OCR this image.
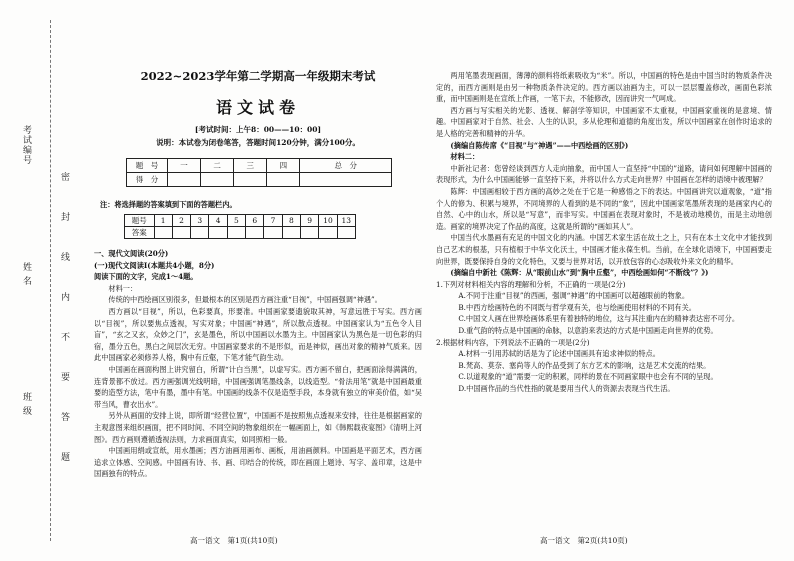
考试编号
姓 名
班 级
密
封
线
内
不
要
答
题
2022~2023学年第二学期高一年级期末考试
语文试卷
[考试时间：上午8：00——10：00]
说明：本试卷为闭卷笔答，答题时间120分钟，满分100分。
题　号	一	二	三	四	总　分
得　分					
注：将选择题的答案填到下面的答题栏内。
题号	1	2	3	4	5	6	7	8	9	10	13
答案											

一、现代文阅读(20分)

(一)现代文阅读Ⅰ(本题共4小题，8分)

阅读下面的文字，完成1～4题。

材料一：

传统的中西绘画区别很多，但最根本的区别是西方画注重“目视”，中国画强调“神遇”。

西方画以“目视”，所以，色彩要真，形要准。中国画家要遗貌取其神，写意远胜于写实。西方画以“目视”，所以要焦点透视，写实对象；中国画“神遇”，所以散点透视。中国画家认为“五色令人目盲”，“玄之又玄，众妙之门”，玄是墨色，所以中国画以水墨为主。中国画家认为黑色是一切色彩的归宿，墨分五色，黑白之间层次无穷。中国画家要求的不是形似，而是神似，画出对象的精神气质来。因此中国画家必须修养人格，胸中有丘壑，下笔才能气韵生动。

中国画在画面构图上讲究留白，所谓“计白当黑”，以虚写实。西方画不留白，把画面涂得满满的，连背景都不放过。西方画强调光线明暗，中国画强调笔墨线条，以线造型。“骨法用笔”就是中国画最重要的造型方法，笔中有墨，墨中有笔。中国画的线条不仅是造型手段，本身就有独立的审美价值，如“吴带当风，曹衣出水”。

另外从画面的安排上说，即所谓“经营位置”，中国画不是按照焦点透视来安排，往往是根据画家的主观意图来组织画面，把不同时间、不同空间的物象组织在一幅画面上，如《韩熙载夜宴图》《清明上河图》。西方画则遵循透视法则，力求画面真实，如同照相一般。

中国画用绢或宣纸，用水墨画；西方油画用画布、画板，用油画颜料。中国画是平面艺术，西方画追求立体感、空间感。中国画有诗、书、画、印结合的传统，即在画面上题诗、写字、盖印章，这是中国画独有的特点。

两用笔墨表现画面，薄薄的颜料将纸素吸收为“米”。所以，中国画的特色是由中国当时的物质条件决定的，而西方画则是由另一种物质条件决定的。西方画以油画为主，可以一层层覆盖修改，画面色彩浓重，而中国画则是在宣纸上作画，一笔下去，不能修改，因而讲究一气呵成。

西方画与写实相关的光影、透视、解剖学等知识，中国画家不太重视，中国画家重视的是意境、情趣。中国画家对于自然、社会、人生的认识，多从伦理和道德的角度出发，所以中国画家在创作时追求的是人格的完善和精神的升华。

(摘编自陈传席《“目视”与“神遇”——中西绘画的区别》)

材料二：

中新社记者：您曾经谈到西方人走向抽象，而中国人一直坚持“中国的”道路，请问如何理解中国画的表现形式，为什么中国画能够一直坚持下来，并将以什么方式走向世界？中国画在怎样的语境中被理解？

陈辉：中国画相较于西方画的高妙之处在于它是一种感悟之下的表达。中国画讲究以道观象，“道”指个人的修为、积累与境界，不同境界的人看到的是不同的“象”，因此中国画家笔墨所表现的是画家内心的自然、心中的山水，所以是“写意”，而非写实。中国画在表现对象时，不是被动地模仿，而是主动地创造。画家的境界决定了作品的高度，这就是所谓的“画如其人”。

中国当代水墨画有充足的中国文化的内涵。中国艺术家生活在故土之上，只有在本土文化中才能找到自己艺术的根基，只有植根于中华文化沃土，中国画才能永葆生机。当前，在全球化语境下，中国画要走向世界，既要保持自身的文化特色，又要与世界对话，以开放包容的心态吸收外来文化的精华。

(摘编自中新社《陈辉：从“眼前山水”到“胸中丘壑”，中西绘画如何“不断线”？》)

1.下列对材料相关内容的理解和分析，不正确的一项是(2分)

A.不同于注重“目视”的西画，强调“神遇”的中国画可以超越眼前的物象。

B.中西方绘画特色的不同既与哲学观有关，也与绘画使用材料的不同有关。

C.中国文人画在世界绘画体系里有着独特的地位，这与其注重内在的精神表达密不可分。

D.重气韵的特点是中国画的命脉，以意韵来表达的方式是中国画走向世界的优势。

2.根据材料内容，下列说法不正确的一项是(2分)

A.材料一引用苏轼的话是为了论述中国画具有追求神似的特点。

B.梵高、莫奈、塞尚等人的作品受到了东方艺术的影响，这是艺术交流的结果。

C.以道观象的“道”需要一定的积累，同样的景在不同画家眼中也会有不同的呈现。

D.中国画作品的当代性指的就是要用当代人的资源去表现当代生活。

高一语文　第1页(共10页)	高一语文　第2页(共10页)
